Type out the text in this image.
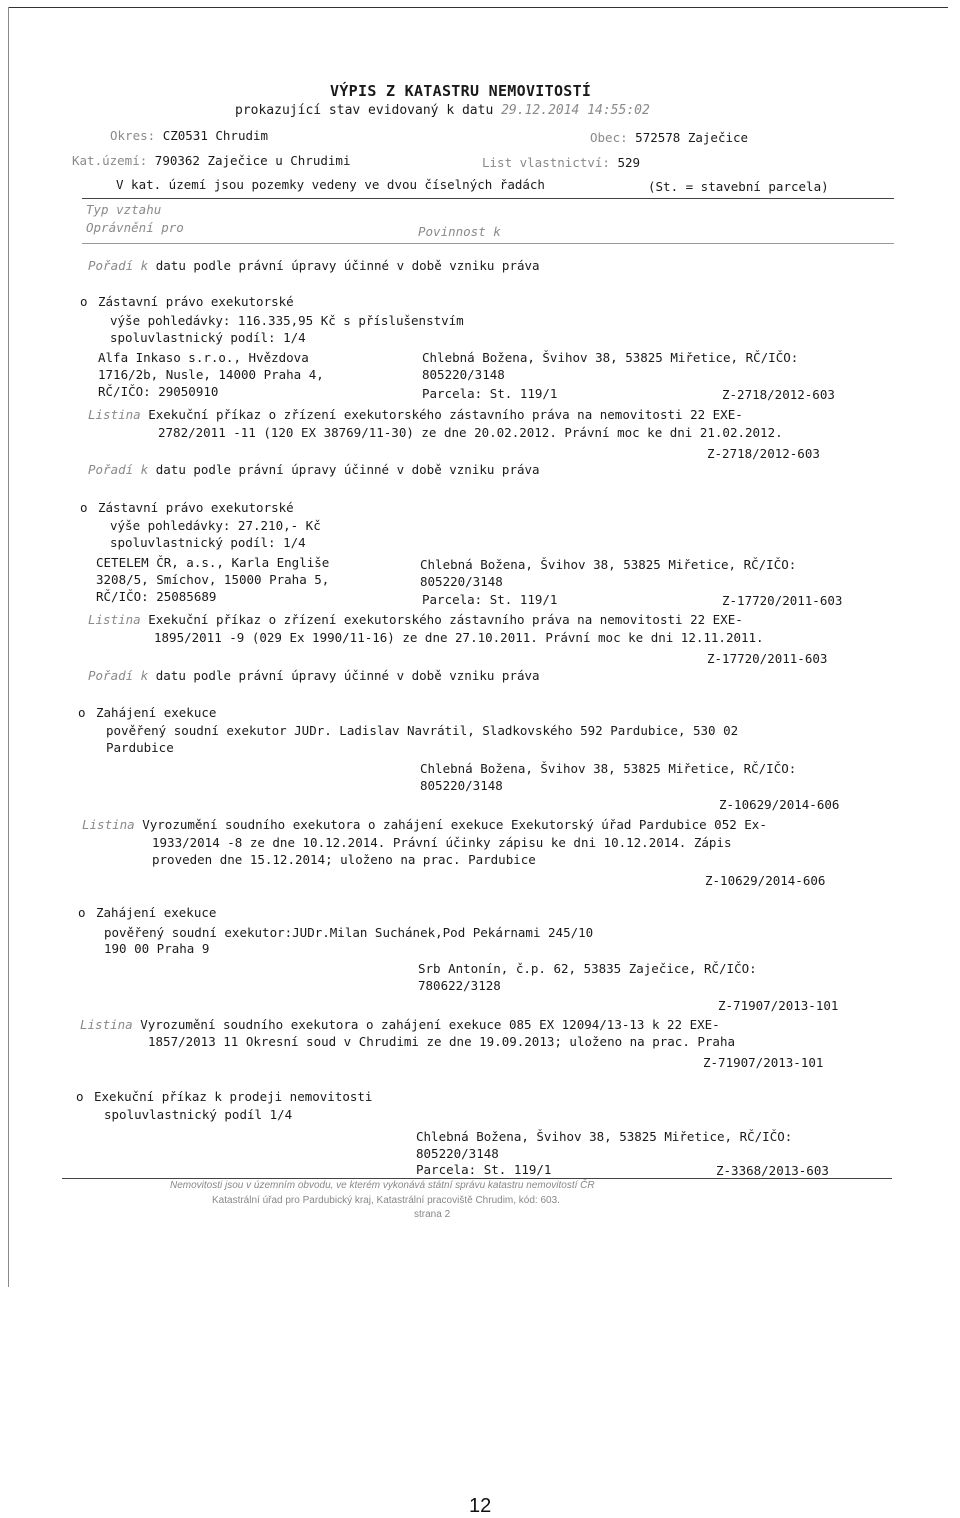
VÝPIS Z KATASTRU NEMOVITOSTÍ
prokazující stav evidovaný k datu 29.12.2014 14:55:02
Okres: CZ0531 Chrudim	Obec: 572578 Zaječice
Kat.území: 790362 Zaječice u Chrudimi	List vlastnictví: 529
V kat. území jsou pozemky vedeny ve dvou číselných řadách	(St. = stavební parcela)
Typ vztahu
Oprávnění pro	Povinnost k
Pořadí k datu podle právní úpravy účinné v době vzniku práva
o Zástavní právo exekutorské
výše pohledávky: 116.335,95 Kč s příslušenstvím
spoluvlastnický podíl: 1/4
Alfa Inkaso s.r.o., Hvězdova
1716/2b, Nusle, 14000 Praha 4,
RČ/IČO: 29050910
Chlebná Božena, Švihov 38, 53825 Miřetice, RČ/IČO:
805220/3148
Parcela: St. 119/1	Z-2718/2012-603
Listina Exekuční příkaz o zřízení exekutorského zástavního práva na nemovitosti 22 EXE-
2782/2011 -11 (120 EX 38769/11-30) ze dne 20.02.2012. Právní moc ke dni 21.02.2012.
Z-2718/2012-603
Pořadí k datu podle právní úpravy účinné v době vzniku práva
o Zástavní právo exekutorské
výše pohledávky: 27.210,- Kč
spoluvlastnický podíl: 1/4
CETELEM ČR, a.s., Karla Engliše
3208/5, Smíchov, 15000 Praha 5,
RČ/IČO: 25085689
Chlebná Božena, Švihov 38, 53825 Miřetice, RČ/IČO:
805220/3148
Parcela: St. 119/1	Z-17720/2011-603
Listina Exekuční příkaz o zřízení exekutorského zástavního práva na nemovitosti 22 EXE-
1895/2011 -9 (029 Ex 1990/11-16) ze dne 27.10.2011. Právní moc ke dni 12.11.2011.
Z-17720/2011-603
Pořadí k datu podle právní úpravy účinné v době vzniku práva
o Zahájení exekuce
pověřený soudní exekutor JUDr. Ladislav Navrátil, Sladkovského 592 Pardubice, 530 02
Pardubice
Chlebná Božena, Švihov 38, 53825 Miřetice, RČ/IČO:
805220/3148
Z-10629/2014-606
Listina Vyrozumění soudního exekutora o zahájení exekuce Exekutorský úřad Pardubice 052 Ex-
1933/2014 -8 ze dne 10.12.2014. Právní účinky zápisu ke dni 10.12.2014. Zápis
proveden dne 15.12.2014; uloženo na prac. Pardubice
Z-10629/2014-606
o Zahájení exekuce
pověřený soudní exekutor:JUDr.Milan Suchánek,Pod Pekárnami 245/10
190 00 Praha 9
Srb Antonín, č.p. 62, 53835 Zaječice, RČ/IČO:
780622/3128
Z-71907/2013-101
Listina Vyrozumění soudního exekutora o zahájení exekuce 085 EX 12094/13-13 k 22 EXE-
1857/2013 11 Okresní soud v Chrudimi ze dne 19.09.2013; uloženo na prac. Praha
Z-71907/2013-101
o Exekuční příkaz k prodeji nemovitosti
spoluvlastnický podíl 1/4
Chlebná Božena, Švihov 38, 53825 Miřetice, RČ/IČO:
805220/3148
Parcela: St. 119/1	Z-3368/2013-603
Nemovitosti jsou v územním obvodu, ve kterém vykonává státní správu katastru nemovitostí ČR
Katastrální úřad pro Pardubický kraj, Katastrální pracoviště Chrudim, kód: 603.
strana 2
12
